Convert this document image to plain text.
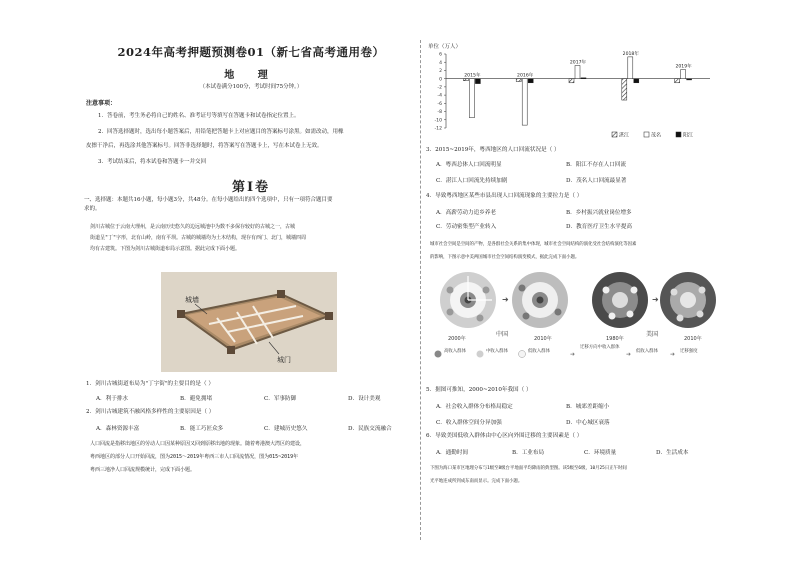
2024年高考押题预测卷01（新七省高考通用卷）
地 理
（本试卷满分100分，考试时间75分钟。）
注意事项：
1．答卷前，考生务必将自己的姓名、准考证号等填写在答题卡和试卷指定位置上。
2．回答选择题时，选出每小题答案后，用铅笔把答题卡上对应题目的答案标号涂黑。如需改动，用橡
皮擦干净后，再选涂其他答案标号。回答非选择题时，将答案写在答题卡上，写在本试卷上无效。
3．考试结束后，将本试卷和答题卡一并交回
第Ⅰ卷
一、选择题：本题共16小题，每小题3分，共48分。在每小题给出的四个选项中，只有一项符合题目要
求的。
剑川古城位于云南大理州，是云南历史悠久的边远城池中为数不多保存较好的古城之一，古城
街道呈"丁"字形，北有山岭，南有平坝。古城的城墙均为土木结构，现存有西门、北门，城墙四周
均有古建筑。下图为剑川古城街道布局示意图。据此完成下面小题。
城墙
城门
1．剑川古城街道布局为"丁字街"的主要目的是（ ）
A．利于排水	B．避免拥堵	C．军事防御	D．设计美观
2．剑川古城建筑不融风格多样性的主要原因是（ ）
A．森林资源丰富	B．能工巧匠众多	C．建城历史悠久	D．民族交流融合
人口回流是指移出地区的劳动人口因某种原因又回到原移出地的现象。随着粤港澳大湾区的建设，
粤西地区的部分人口开始回流，图为2015～2019年粤西三市人口回流情况，图为015~2019年
粤西三地净人口回流规模统计，完成下面小题。
单位（万人）
6
4
2
0
-2
-4
-6
-8
-10
-12
2015年	2016年
2017年
2018年
2019年
湛江	茂名	阳江
3．2015~2019年，粤西地区的人口回流状况是（ ）
A．粤西总体人口回流明显	B．阳江不存在人口回流
C．湛江人口回流先持续加剧	D．茂名人口回流最显著
4．导致粤西地区某些市县出现人口回流现象的主要拉力是（ ）
A．高薪劳动力追乡养老	B．乡村振兴就业岗位增多
C．劳动密集型产业转入	D．教育医疗卫生水平提高
城市社会空间是空间的产物，是各群社会关系的集中体现，城市社会空间结构的演化受社会结构演化等因素
的影响，下图示意中美两国城市社会空间结构演变模式，据此完成下面小题。
➜	➜
2000年
中国
2010年	1980年
美国
2010年
高收入群体	中收入群体	低收入群体	➜
迁移方向中收入群体
➜ 低收入群体 ➜ 迁移强度
5．据图可推知，2000~2010年我国（ ）
A．社会收入群体分布格局稳定	B．城郊差距缩小
C．收入群体空间分异加强	D．中心城区衰落
6．导致美国低收入群体由中心区向外围迁移的主要因素是（ ）
A．通勤时间	B．工业布局	C．环境质量	D．生活成本
下图为海口某市区地理分布与1级至8级台平地面平均降雨的典型图。该5级至6级，10月25日正午时间
光平地连成所到成东南而显示。完成下面小题。
